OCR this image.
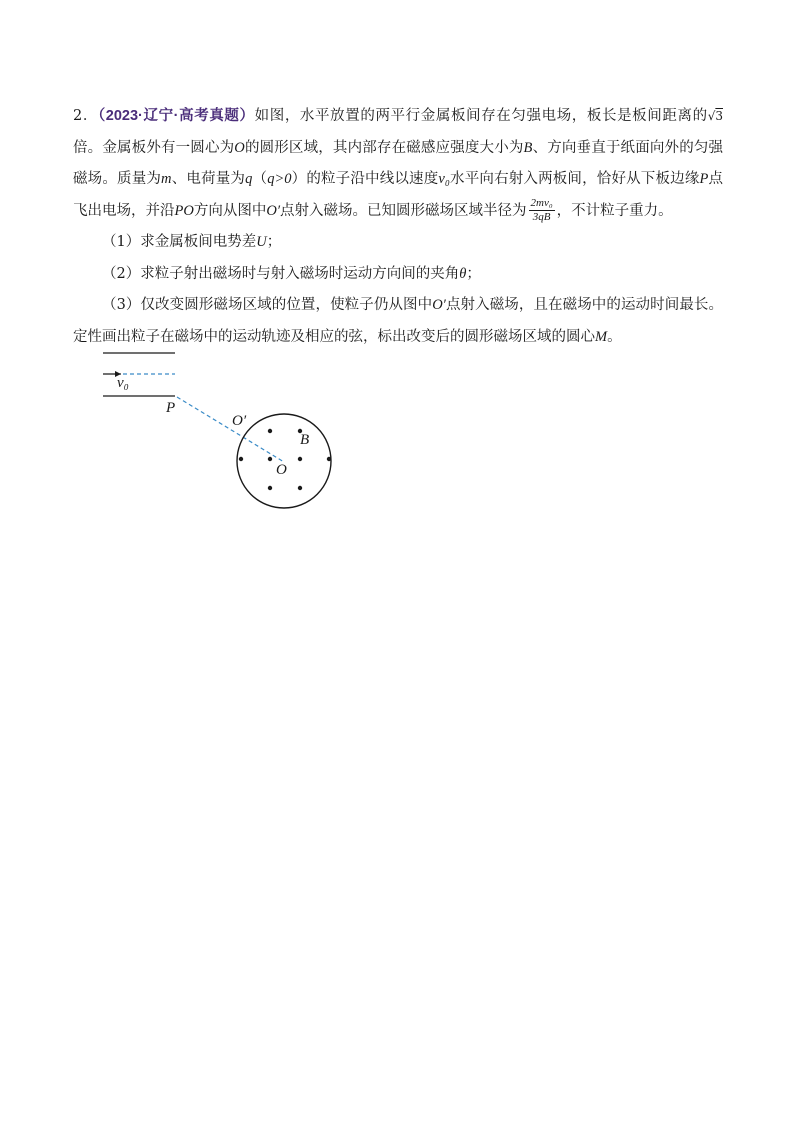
2．（2023·辽宁·高考真题）如图，水平放置的两平行金属板间存在匀强电场，板长是板间距离的√3倍。金属板外有一圆心为O的圆形区域，其内部存在磁感应强度大小为B、方向垂直于纸面向外的匀强磁场。质量为m、电荷量为q（q>0）的粒子沿中线以速度v₀水平向右射入两板间，恰好从下板边缘P点飞出电场，并沿PO方向从图中O′点射入磁场。已知圆形磁场区域半径为 $\frac{\text{2mv₀}}{3qB}$ ，不计粒子重力。

（1）求金属板间电势差U；

（2）求粒子射出磁场时与射入磁场时运动方向间的夹角θ；

（3）仅改变圆形磁场区域的位置，使粒子仍从图中O′点射入磁场，且在磁场中的运动时间最长。定性画出粒子在磁场中的运动轨迹及相应的弦，标出改变后的圆形磁场区域的圆心M。

v₀
P
O′
B
O
